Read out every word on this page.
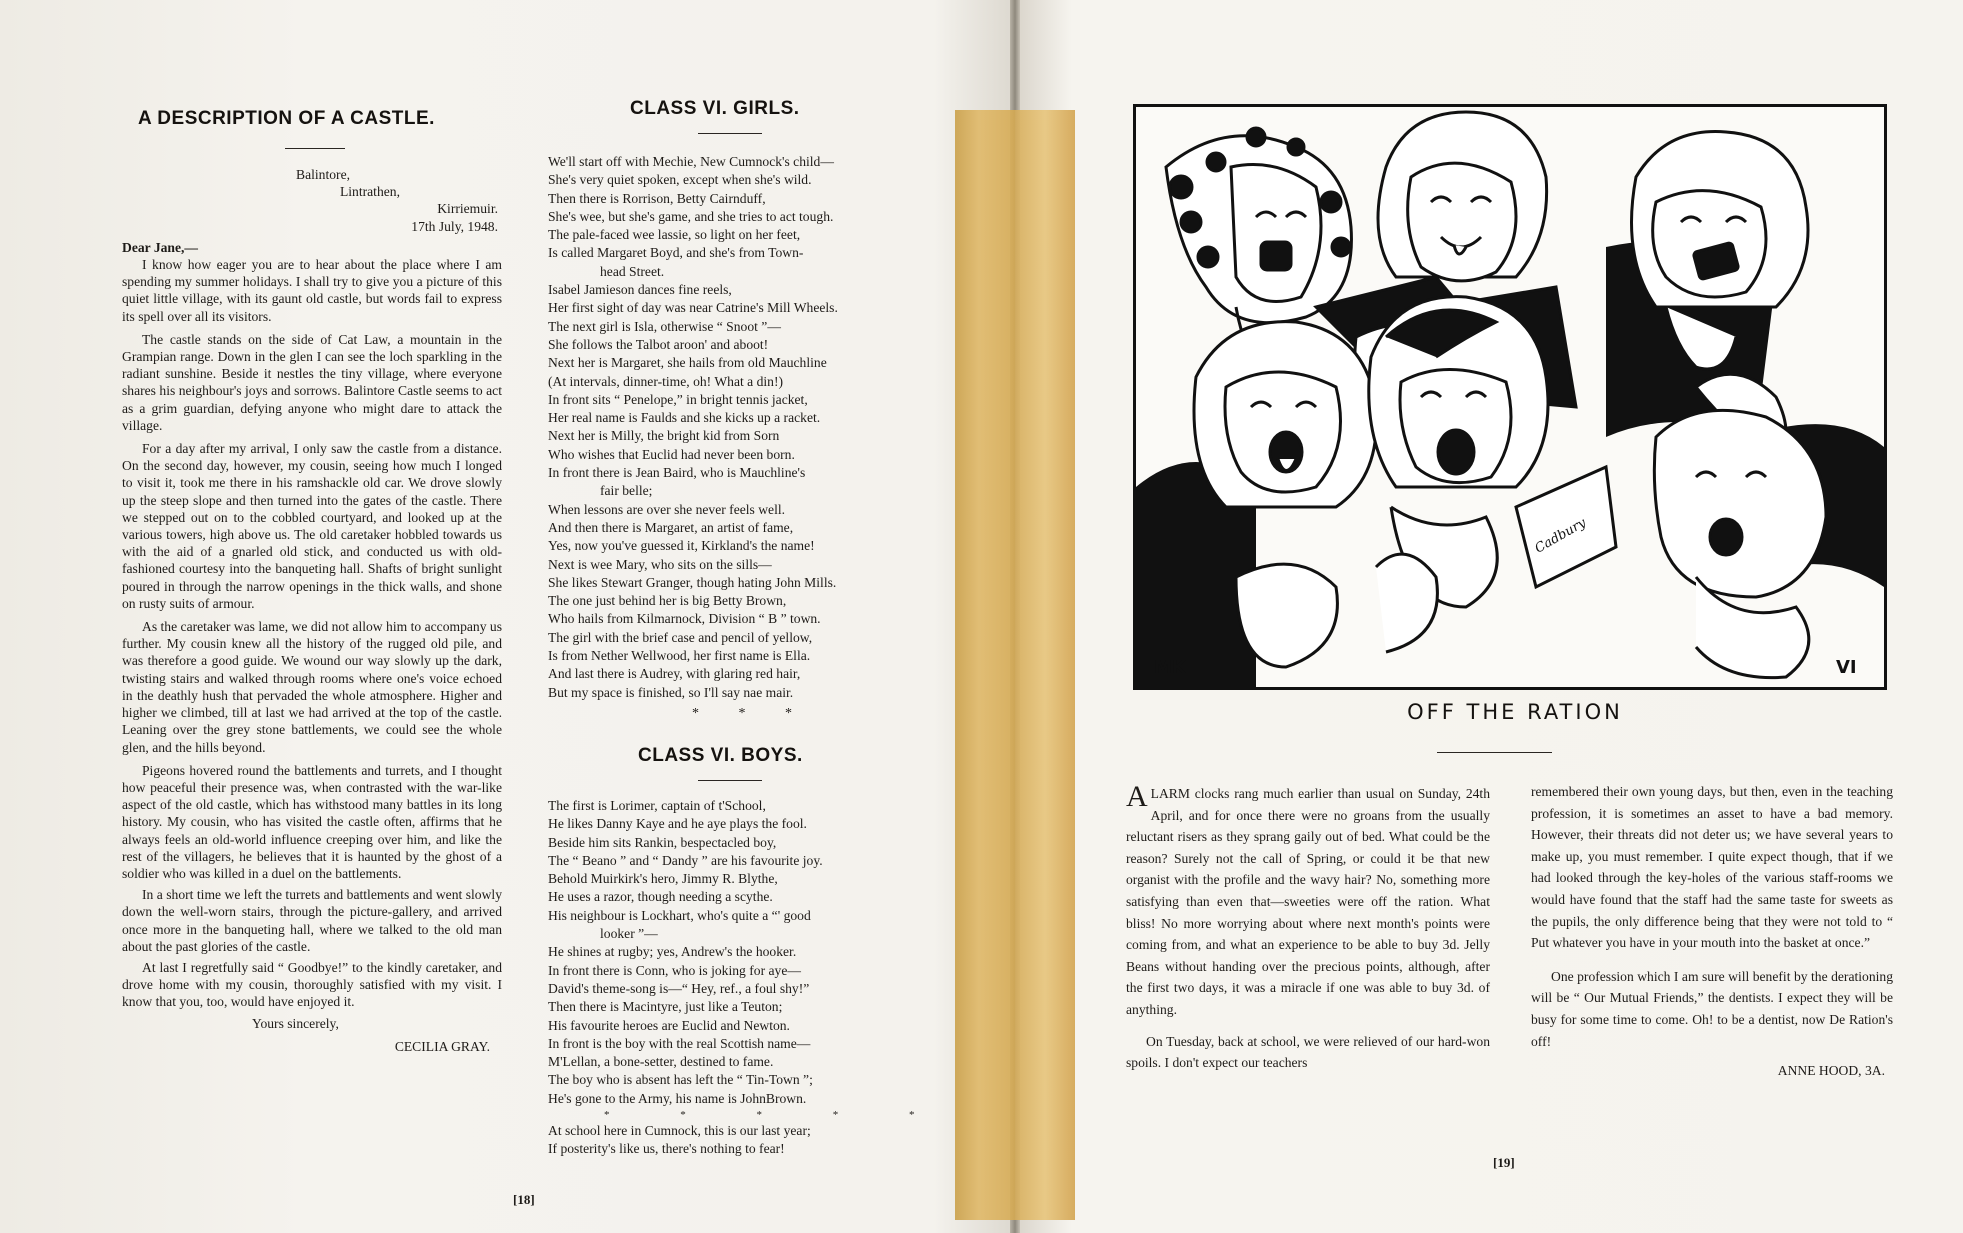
A DESCRIPTION OF A CASTLE.
Balintore,
Lintrathen,
Kirriemuir.
17th July, 1948.
Dear Jane,—

I know how eager you are to hear about the place where I am spending my summer holidays. I shall try to give you a picture of this quiet little village, with its gaunt old castle, but words fail to express its spell over all its visitors.

The castle stands on the side of Cat Law, a mountain in the Grampian range. Down in the glen I can see the loch sparkling in the radiant sunshine. Beside it nestles the tiny village, where everyone shares his neighbour's joys and sorrows. Balintore Castle seems to act as a grim guardian, defying anyone who might dare to attack the village.

For a day after my arrival, I only saw the castle from a distance. On the second day, however, my cousin, seeing how much I longed to visit it, took me there in his ramshackle old car. We drove slowly up the steep slope and then turned into the gates of the castle. There we stepped out on to the cobbled courtyard, and looked up at the various towers, high above us. The old caretaker hobbled towards us with the aid of a gnarled old stick, and conducted us with old-fashioned courtesy into the banqueting hall. Shafts of bright sunlight poured in through the narrow openings in the thick walls, and shone on rusty suits of armour.

As the caretaker was lame, we did not allow him to accompany us further. My cousin knew all the history of the rugged old pile, and was therefore a good guide. We wound our way slowly up the dark, twisting stairs and walked through rooms where one's voice echoed in the deathly hush that pervaded the whole atmosphere. Higher and higher we climbed, till at last we had arrived at the top of the castle. Leaning over the grey stone battlements, we could see the whole glen, and the hills beyond.

Pigeons hovered round the battlements and turrets, and I thought how peaceful their presence was, when contrasted with the war-like aspect of the old castle, which has withstood many battles in its long history. My cousin, who has visited the castle often, affirms that he always feels an old-world influence creeping over him, and like the rest of the villagers, he believes that it is haunted by the ghost of a soldier who was killed in a duel on the battlements.

In a short time we left the turrets and battlements and went slowly down the well-worn stairs, through the picture-gallery, and arrived once more in the banqueting hall, where we talked to the old man about the past glories of the castle.

At last I regretfully said “ Goodbye!” to the kindly caretaker, and drove home with my cousin, thoroughly satisfied with my visit. I know that you, too, would have enjoyed it.

Yours sincerely,
CECILIA GRAY.
CLASS VI. GIRLS.
We'll start off with Mechie, New Cumnock's child—
She's very quiet spoken, except when she's wild.
Then there is Rorrison, Betty Cairnduff,
She's wee, but she's game, and she tries to act tough.
The pale-faced wee lassie, so light on her feet,
Is called Margaret Boyd, and she's from Town-
head Street.
Isabel Jamieson dances fine reels,
Her first sight of day was near Catrine's Mill Wheels.
The next girl is Isla, otherwise “ Snoot ”—
She follows the Talbot aroon' and aboot!
Next her is Margaret, she hails from old Mauchline
(At intervals, dinner-time, oh! What a din!)
In front sits “ Penelope,” in bright tennis jacket,
Her real name is Faulds and she kicks up a racket.
Next her is Milly, the bright kid from Sorn
Who wishes that Euclid had never been born.
In front there is Jean Baird, who is Mauchline's
fair belle;
When lessons are over she never feels well.
And then there is Margaret, an artist of fame,
Yes, now you've guessed it, Kirkland's the name!
Next is wee Mary, who sits on the sills—
She likes Stewart Granger, though hating John Mills.
The one just behind her is big Betty Brown,
Who hails from Kilmarnock, Division “ B ” town.
The girl with the brief case and pencil of yellow,
Is from Nether Wellwood, her first name is Ella.
And last there is Audrey, with glaring red hair,
But my space is finished, so I'll say nae mair.
* * *
CLASS VI. BOYS.
The first is Lorimer, captain of t'School,
He likes Danny Kaye and he aye plays the fool.
Beside him sits Rankin, bespectacled boy,
The “ Beano ” and “ Dandy ” are his favourite joy.
Behold Muirkirk's hero, Jimmy R. Blythe,
He uses a razor, though needing a scythe.
His neighbour is Lockhart, who's quite a “' good
looker ”—
He shines at rugby; yes, Andrew's the hooker.
In front there is Conn, who is joking for aye—
David's theme-song is—“ Hey, ref., a foul shy!”
Then there is Macintyre, just like a Teuton;
His favourite heroes are Euclid and Newton.
In front is the boy with the real Scottish name—
M'Lellan, a bone-setter, destined to fame.
The boy who is absent has left the “ Tin-Town ”;
He's gone to the Army, his name is JohnBrown.
* * * * *
At school here in Cumnock, this is our last year;
If posterity's like us, there's nothing to fear!
[18]
Cadbury
MK	VI
OFF THE RATION

ALARM clocks rang much earlier than usual on Sunday, 24th April, and for once there were no groans from the usually reluctant risers as they sprang gaily out of bed. What could be the reason? Surely not the call of Spring, or could it be that new organist with the profile and the wavy hair? No, something more satisfying than even that—sweeties were off the ration. What bliss! No more worrying about where next month's points were coming from, and what an experience to be able to buy 3d. Jelly Beans without handing over the precious points, although, after the first two days, it was a miracle if one was able to buy 3d. of anything.

On Tuesday, back at school, we were relieved of our hard-won spoils. I don't expect our teachers

remembered their own young days, but then, even in the teaching profession, it is sometimes an asset to have a bad memory. However, their threats did not deter us; we have several years to make up, you must remember. I quite expect though, that if we had looked through the key-holes of the various staff-rooms we would have found that the staff had the same taste for sweets as the pupils, the only difference being that they were not told to “ Put whatever you have in your mouth into the basket at once.”

One profession which I am sure will benefit by the derationing will be “ Our Mutual Friends,” the dentists. I expect they will be busy for some time to come. Oh! to be a dentist, now De Ration's off!

ANNE HOOD, 3A.
[19]
